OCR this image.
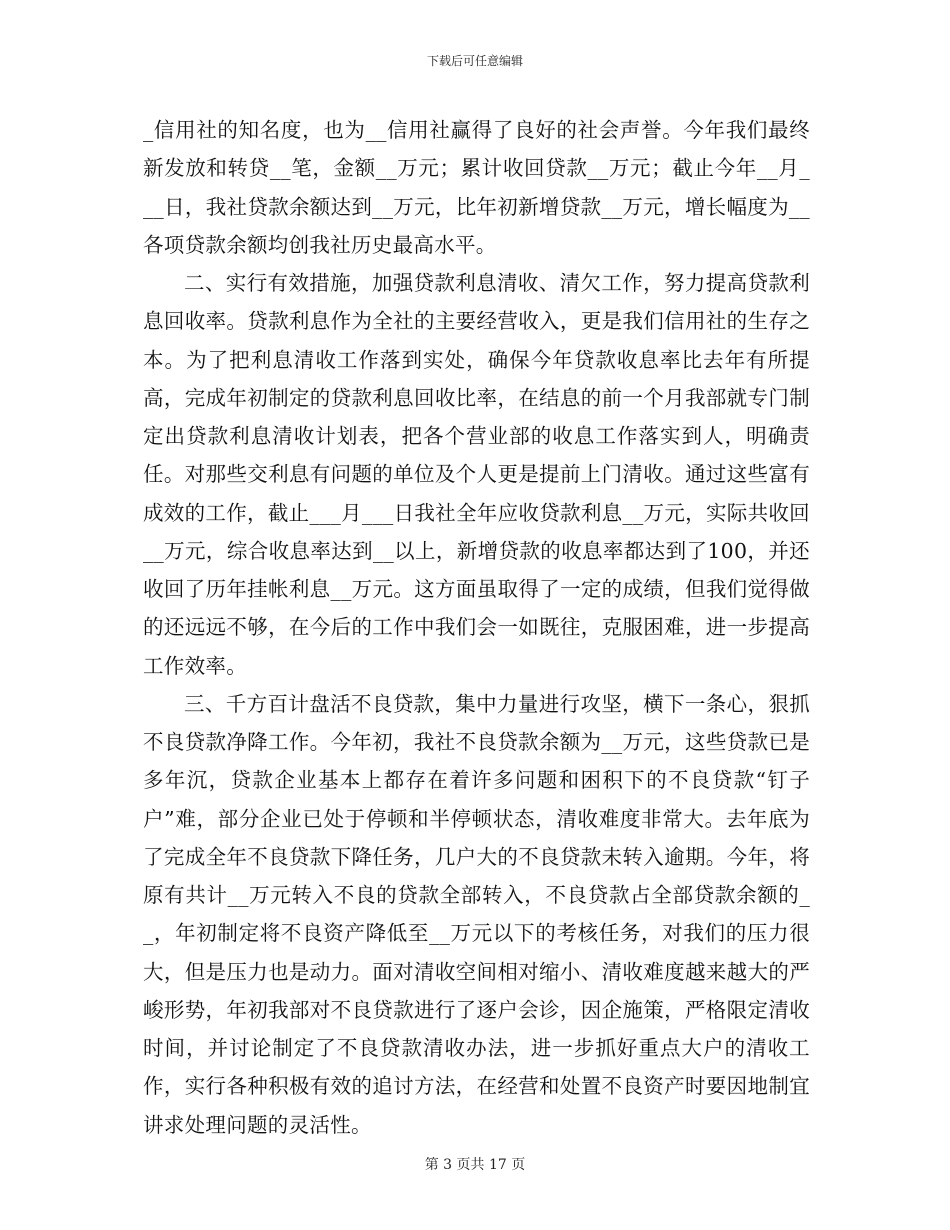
下载后可任意编辑

_信用社的知名度，也为__信用社赢得了良好的社会声誉。今年我们最终新发放和转贷__笔，金额__万元；累计收回贷款__万元；截止今年__月___日，我社贷款余额达到__万元，比年初新增贷款__万元，增长幅度为__各项贷款余额均创我社历史最高水平。

二、实行有效措施，加强贷款利息清收、清欠工作，努力提高贷款利息回收率。贷款利息作为全社的主要经营收入，更是我们信用社的生存之本。为了把利息清收工作落到实处，确保今年贷款收息率比去年有所提高，完成年初制定的贷款利息回收比率，在结息的前一个月我部就专门制定出贷款利息清收计划表，把各个营业部的收息工作落实到人，明确责任。对那些交利息有问题的单位及个人更是提前上门清收。通过这些富有成效的工作，截止___月___日我社全年应收贷款利息__万元，实际共收回__万元，综合收息率达到__以上，新增贷款的收息率都达到了100，并还收回了历年挂帐利息__万元。这方面虽取得了一定的成绩，但我们觉得做的还远远不够，在今后的工作中我们会一如既往，克服困难，进一步提高工作效率。

三、千方百计盘活不良贷款，集中力量进行攻坚，横下一条心，狠抓不良贷款净降工作。今年初，我社不良贷款余额为__万元，这些贷款已是多年沉，贷款企业基本上都存在着许多问题和困积下的不良贷款“钉子户”难，部分企业已处于停顿和半停顿状态，清收难度非常大。去年底为了完成全年不良贷款下降任务，几户大的不良贷款未转入逾期。今年，将原有共计__万元转入不良的贷款全部转入，不良贷款占全部贷款余额的__，年初制定将不良资产降低至__万元以下的考核任务，对我们的压力很大，但是压力也是动力。面对清收空间相对缩小、清收难度越来越大的严峻形势，年初我部对不良贷款进行了逐户会诊，因企施策，严格限定清收时间，并讨论制定了不良贷款清收办法，进一步抓好重点大户的清收工作，实行各种积极有效的追讨方法，在经营和处置不良资产时要因地制宜讲求处理问题的灵活性。

第 3 页共 17 页
